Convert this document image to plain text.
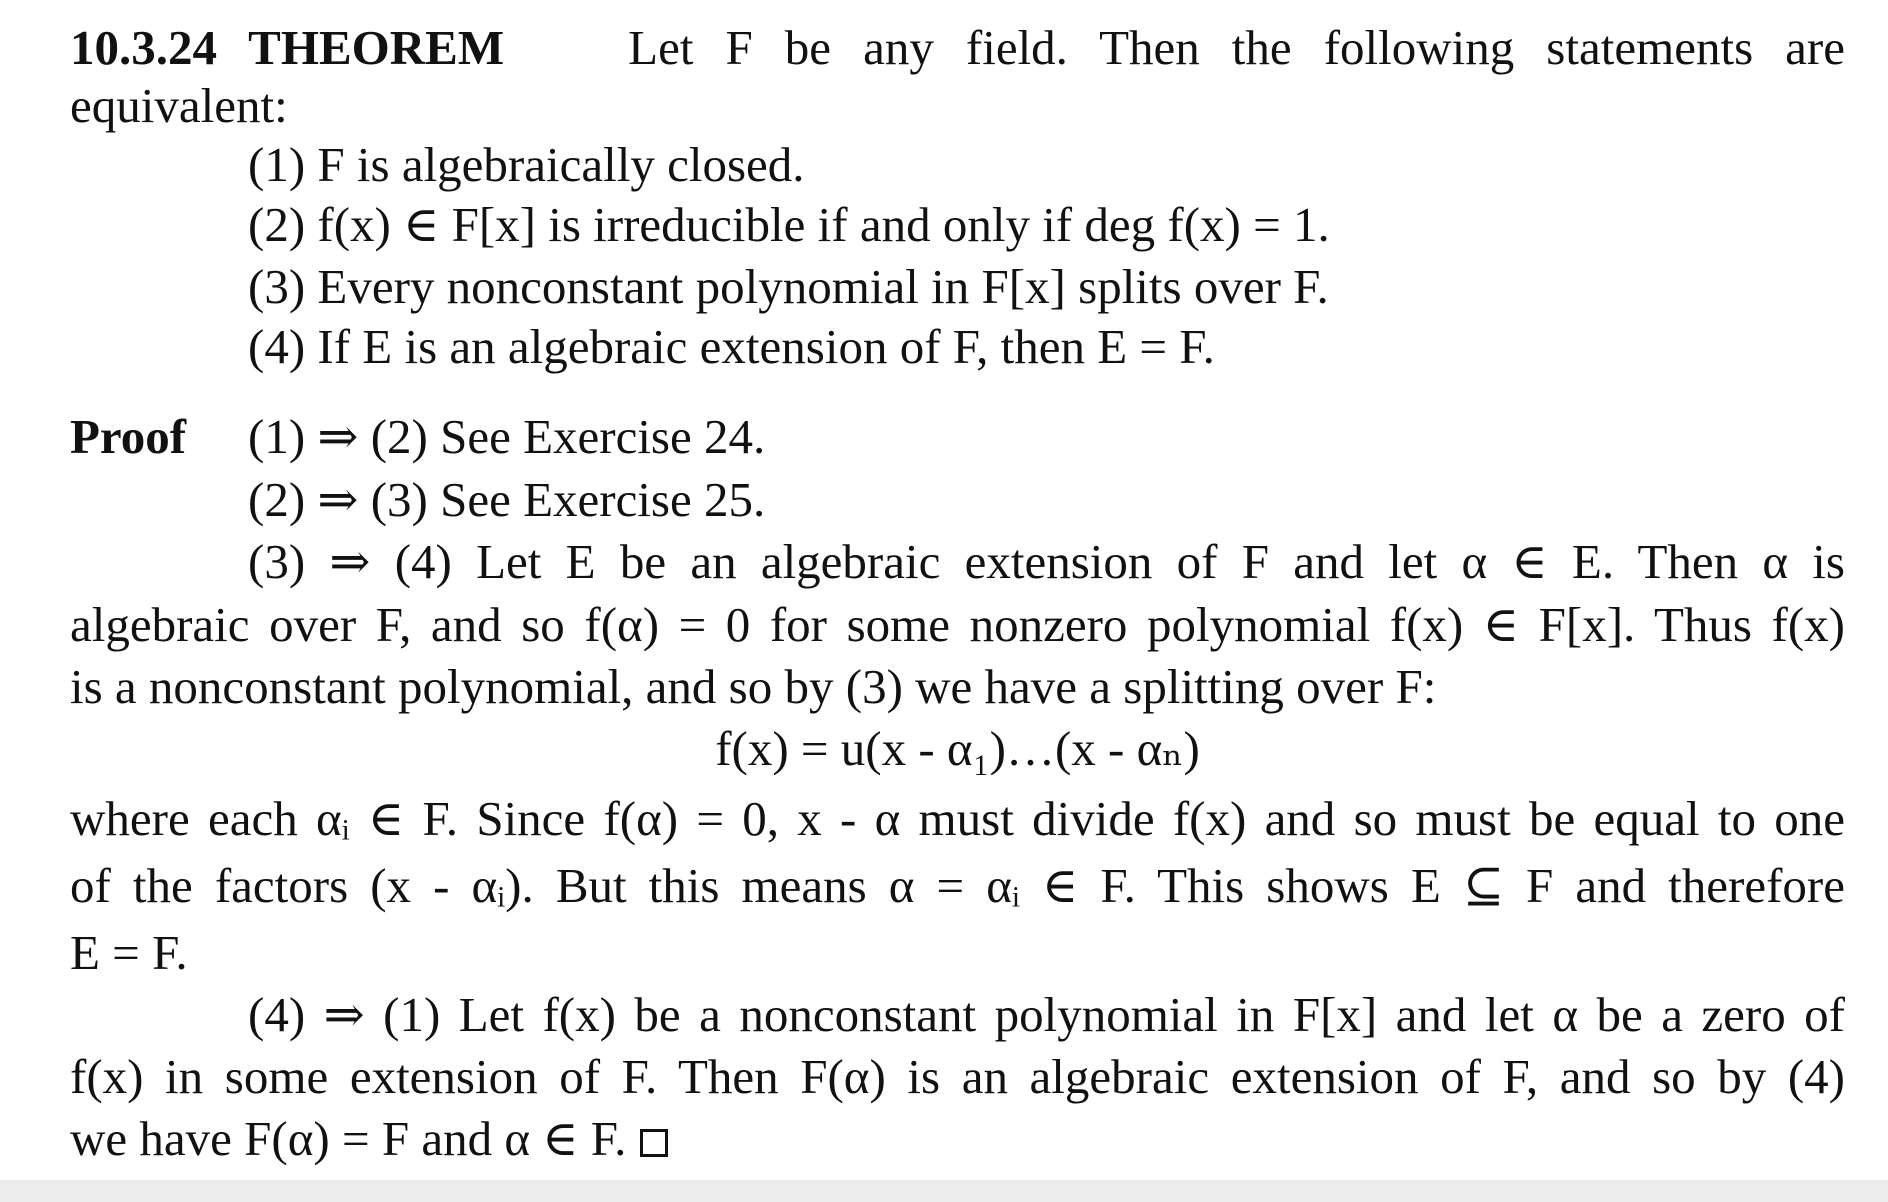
10.3.24 THEOREM	Let F be any field. Then the following statements are
equivalent:
(1) F is algebraically closed.
(2) f(x) ∈ F[x] is irreducible if and only if deg f(x) = 1.
(3) Every nonconstant polynomial in F[x] splits over F.
(4) If E is an algebraic extension of F, then E = F.
Proof (1) ⇒ (2) See Exercise 24.
(2) ⇒ (3) See Exercise 25.
(3) ⇒ (4) Let E be an algebraic extension of F and let α ∈ E. Then α is
algebraic over F, and so f(α) = 0 for some nonzero polynomial f(x) ∈ F[x]. Thus f(x)
is a nonconstant polynomial, and so by (3) we have a splitting over F:
f(x) = u(x - α₁)…(x - αₙ)
where each αᵢ ∈ F. Since f(α) = 0, x - α must divide f(x) and so must be equal to one
of the factors (x - αᵢ). But this means α = αᵢ ∈ F. This shows E ⊆ F and therefore
E = F.
(4) ⇒ (1) Let f(x) be a nonconstant polynomial in F[x] and let α be a zero of
f(x) in some extension of F. Then F(α) is an algebraic extension of F, and so by (4)
we have F(α) = F and α ∈ F.
